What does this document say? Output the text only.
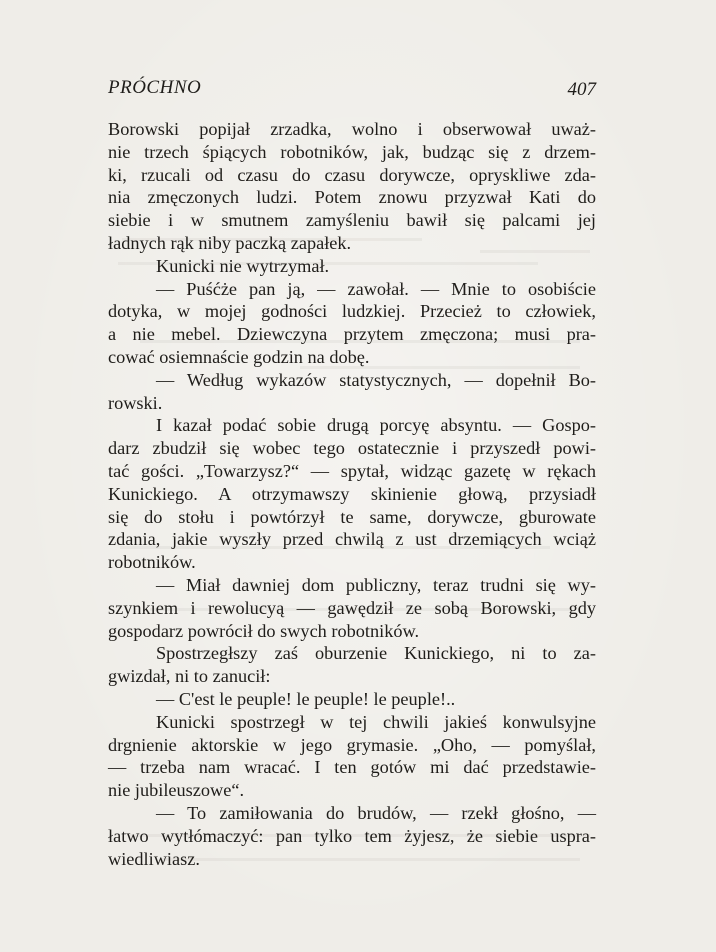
PRÓCHNO	407
Borowski popijał zrzadka, wolno i obserwował uważ-
nie trzech śpiących robotników, jak, budząc się z drzem-
ki, rzucali od czasu do czasu dorywcze, opryskliwe zda-
nia zmęczonych ludzi. Potem znowu przyzwał Kati do
siebie i w smutnem zamyśleniu bawił się palcami jej
ładnych rąk niby paczką zapałek.
Kunicki nie wytrzymał.
— Puśćże pan ją, — zawołał. — Mnie to osobiście
dotyka, w mojej godności ludzkiej. Przecież to człowiek,
a nie mebel. Dziewczyna przytem zmęczona; musi pra-
cować osiemnaście godzin na dobę.
— Według wykazów statystycznych, — dopełnił Bo-
rowski.
I kazał podać sobie drugą porcyę absyntu. — Gospo-
darz zbudził się wobec tego ostatecznie i przyszedł powi-
tać gości. „Towarzysz?“ — spytał, widząc gazetę w rękach
Kunickiego. A otrzymawszy skinienie głową, przysiadł
się do stołu i powtórzył te same, dorywcze, gburowate
zdania, jakie wyszły przed chwilą z ust drzemiących wciąż
robotników.
— Miał dawniej dom publiczny, teraz trudni się wy-
szynkiem i rewolucyą — gawędził ze sobą Borowski, gdy
gospodarz powrócił do swych robotników.
Spostrzegłszy zaś oburzenie Kunickiego, ni to za-
gwizdał, ni to zanucił:
— C'est le peuple! le peuple! le peuple!..
Kunicki spostrzegł w tej chwili jakieś konwulsyjne
drgnienie aktorskie w jego grymasie. „Oho, — pomyślał,
— trzeba nam wracać. I ten gotów mi dać przedstawie-
nie jubileuszowe“.
— To zamiłowania do brudów, — rzekł głośno, —
łatwo wytłómaczyć: pan tylko tem żyjesz, że siebie uspra-
wiedliwiasz.
